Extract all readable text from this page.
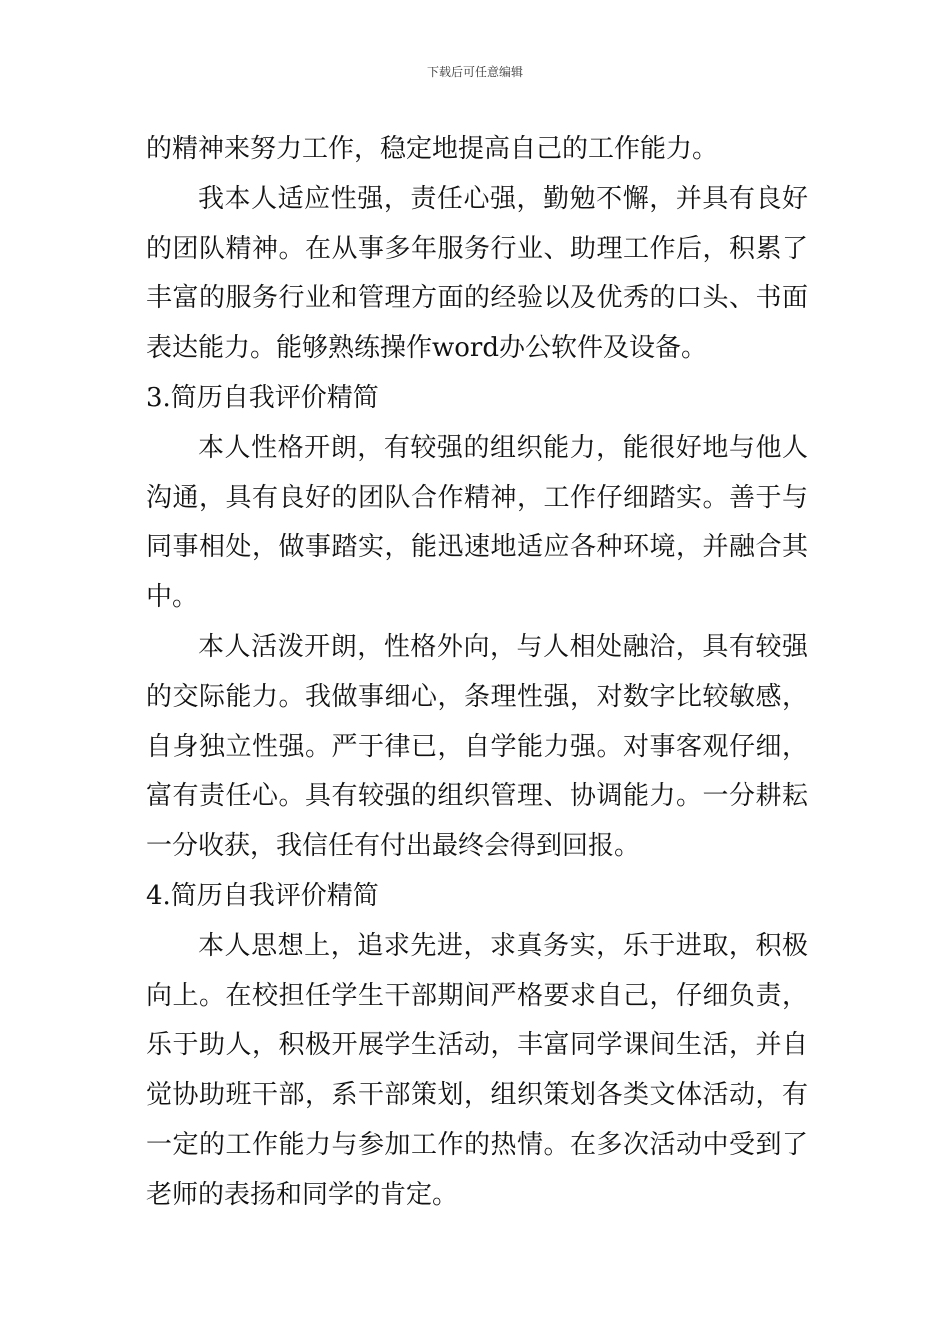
下载后可任意编辑

的精神来努力工作，稳定地提高自己的工作能力。

我本人适应性强，责任心强，勤勉不懈，并具有良好的团队精神。在从事多年服务行业、助理工作后，积累了丰富的服务行业和管理方面的经验以及优秀的口头、书面表达能力。能够熟练操作word办公软件及设备。

3.简历自我评价精简

本人性格开朗，有较强的组织能力，能很好地与他人沟通，具有良好的团队合作精神，工作仔细踏实。善于与同事相处，做事踏实，能迅速地适应各种环境，并融合其中。

本人活泼开朗，性格外向，与人相处融洽，具有较强的交际能力。我做事细心，条理性强，对数字比较敏感，自身独立性强。严于律已，自学能力强。对事客观仔细，富有责任心。具有较强的组织管理、协调能力。一分耕耘一分收获，我信任有付出最终会得到回报。

4.简历自我评价精简

本人思想上，追求先进，求真务实，乐于进取，积极向上。在校担任学生干部期间严格要求自己，仔细负责，乐于助人，积极开展学生活动，丰富同学课间生活，并自觉协助班干部，系干部策划，组织策划各类文体活动，有一定的工作能力与参加工作的热情。在多次活动中受到了老师的表扬和同学的肯定。
